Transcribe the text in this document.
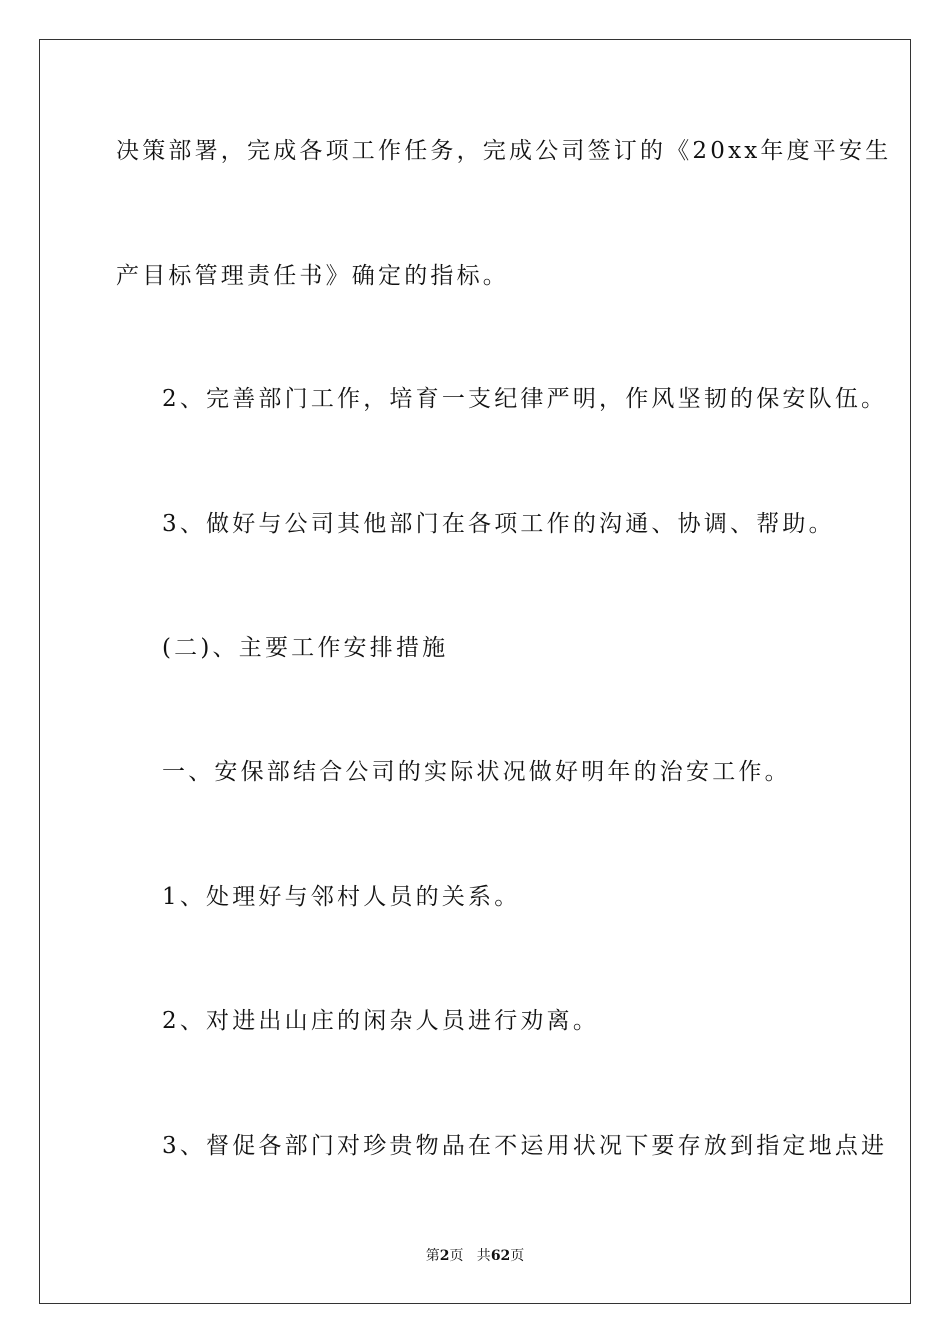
决策部署，完成各项工作任务，完成公司签订的《20xx年度平安生
产目标管理责任书》确定的指标。
2、完善部门工作，培育一支纪律严明，作风坚韧的保安队伍。
3、做好与公司其他部门在各项工作的沟通、协调、帮助。
(二)、主要工作安排措施
一、安保部结合公司的实际状况做好明年的治安工作。
1、处理好与邻村人员的关系。
2、对进出山庄的闲杂人员进行劝离。
3、督促各部门对珍贵物品在不运用状况下要存放到指定地点进
第2页   共62页
